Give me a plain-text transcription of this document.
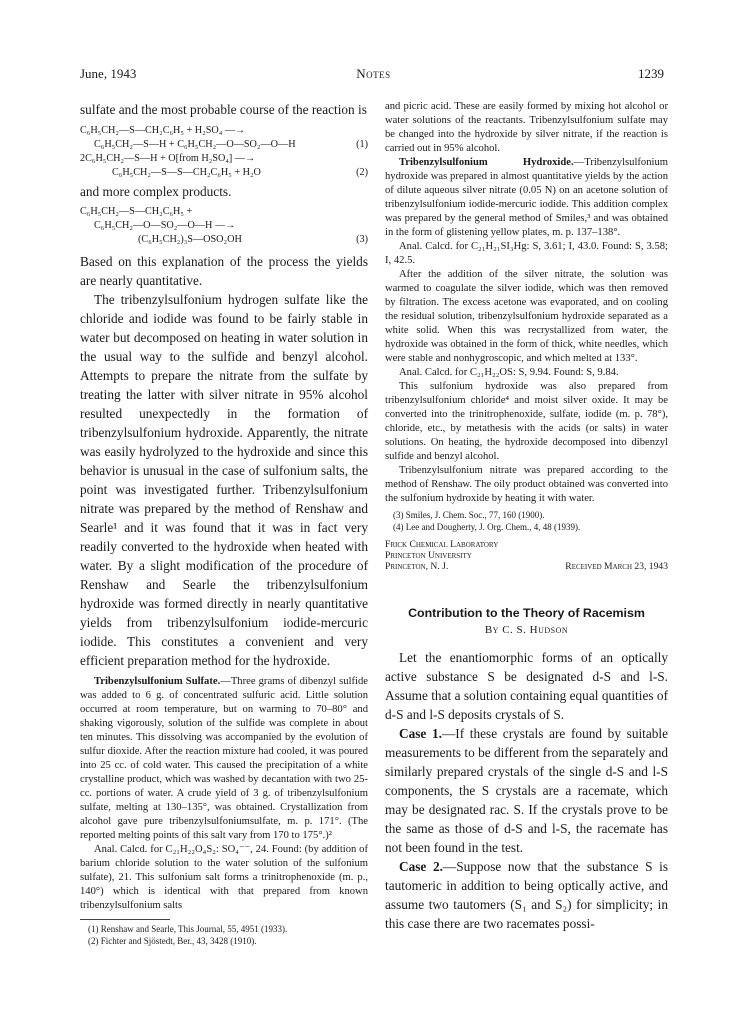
June, 1943	Notes	1239

sulfate and the most probable course of the reaction is

C₆H₅CH₂—S—CH₂C₆H₅ + H₂SO₄ —→
C₆H₅CH₂—S—H + C₆H₅CH₂—O—SO₂—O—H	(1)
2C₆H₅CH₂—S—H + O[from H₂SO₄] —→
C₆H₅CH₂—S—S—CH₂C₆H₅ + H₂O	(2)

and more complex products.

C₆H₅CH₂—S—CH₂C₆H₅ +
C₆H₅CH₂—O—SO₂—O—H —→
(C₆H₅CH₂)₃S—OSO₂OH	(3)

Based on this explanation of the process the yields are nearly quantitative.

The tribenzylsulfonium hydrogen sulfate like the chloride and iodide was found to be fairly stable in water but decomposed on heating in water solution in the usual way to the sulfide and benzyl alcohol. Attempts to prepare the nitrate from the sulfate by treating the latter with silver nitrate in 95% alcohol resulted unexpectedly in the formation of tribenzylsulfonium hydroxide. Apparently, the nitrate was easily hydrolyzed to the hydroxide and since this behavior is unusual in the case of sulfonium salts, the point was investigated further. Tribenzylsulfonium nitrate was prepared by the method of Renshaw and Searle¹ and it was found that it was in fact very readily converted to the hydroxide when heated with water. By a slight modification of the procedure of Renshaw and Searle the tribenzylsulfonium hydroxide was formed directly in nearly quantitative yields from tribenzylsulfonium iodide-mercuric iodide. This constitutes a convenient and very efficient preparation method for the hydroxide.

Tribenzylsulfonium Sulfate.—Three grams of dibenzyl sulfide was added to 6 g. of concentrated sulfuric acid. Little solution occurred at room temperature, but on warming to 70–80° and shaking vigorously, solution of the sulfide was complete in about ten minutes. This dissolving was accompanied by the evolution of sulfur dioxide. After the reaction mixture had cooled, it was poured into 25 cc. of cold water. This caused the precipitation of a white crystalline product, which was washed by decantation with two 25-cc. portions of water. A crude yield of 3 g. of tribenzylsulfonium sulfate, melting at 130–135°, was obtained. Crystallization from alcohol gave pure tribenzylsulfoniumsulfate, m. p. 171°. (The reported melting points of this salt vary from 170 to 175°.)²

Anal. Calcd. for C₂₁H₂₂O₄S₂: SO₄⁻⁻, 24. Found: (by addition of barium chloride solution to the water solution of the sulfonium sulfate), 21. This sulfonium salt forms a trinitrophenoxide (m. p., 140°) which is identical with that prepared from known tribenzylsulfonium salts

(1) Renshaw and Searle, This Journal, 55, 4951 (1933).
(2) Fichter and Sjöstedt, Ber., 43, 3428 (1910).

and picric acid. These are easily formed by mixing hot alcohol or water solutions of the reactants. Tribenzylsulfonium sulfate may be changed into the hydroxide by silver nitrate, if the reaction is carried out in 95% alcohol.

Tribenzylsulfonium Hydroxide.—Tribenzylsulfonium hydroxide was prepared in almost quantitative yields by the action of dilute aqueous silver nitrate (0.05 N) on an acetone solution of tribenzylsulfonium iodide-mercuric iodide. This addition complex was prepared by the general method of Smiles,³ and was obtained in the form of glistening yellow plates, m. p. 137–138°.

Anal. Calcd. for C₂₁H₂₁SI₃Hg: S, 3.61; I, 43.0. Found: S, 3.58; I, 42.5.

After the addition of the silver nitrate, the solution was warmed to coagulate the silver iodide, which was then removed by filtration. The excess acetone was evaporated, and on cooling the residual solution, tribenzylsulfonium hydroxide separated as a white solid. When this was recrystallized from water, the hydroxide was obtained in the form of thick, white needles, which were stable and nonhygroscopic, and which melted at 133°.

Anal. Calcd. for C₂₁H₂₂OS: S, 9.94. Found: S, 9.84.

This sulfonium hydroxide was also prepared from tribenzylsulfonium chloride⁴ and moist silver oxide. It may be converted into the trinitrophenoxide, sulfate, iodide (m. p. 78°), chloride, etc., by metathesis with the acids (or salts) in water solutions. On heating, the hydroxide decomposed into dibenzyl sulfide and benzyl alcohol.

Tribenzylsulfonium nitrate was prepared according to the method of Renshaw. The oily product obtained was converted into the sulfonium hydroxide by heating it with water.

(3) Smiles, J. Chem. Soc., 77, 160 (1900).
(4) Lee and Dougherty, J. Org. Chem., 4, 48 (1939).
Frick Chemical Laboratory
Princeton University
Princeton, N. J.	Received March 23, 1943
Contribution to the Theory of Racemism
By C. S. Hudson

Let the enantiomorphic forms of an optically active substance S be designated d-S and l-S. Assume that a solution containing equal quantities of d-S and l-S deposits crystals of S.

Case 1.—If these crystals are found by suitable measurements to be different from the separately and similarly prepared crystals of the single d-S and l-S components, the S crystals are a racemate, which may be designated rac. S. If the crystals prove to be the same as those of d-S and l-S, the racemate has not been found in the test.

Case 2.—Suppose now that the substance S is tautomeric in addition to being optically active, and assume two tautomers (S₁ and S₂) for simplicity; in this case there are two racemates possi-
